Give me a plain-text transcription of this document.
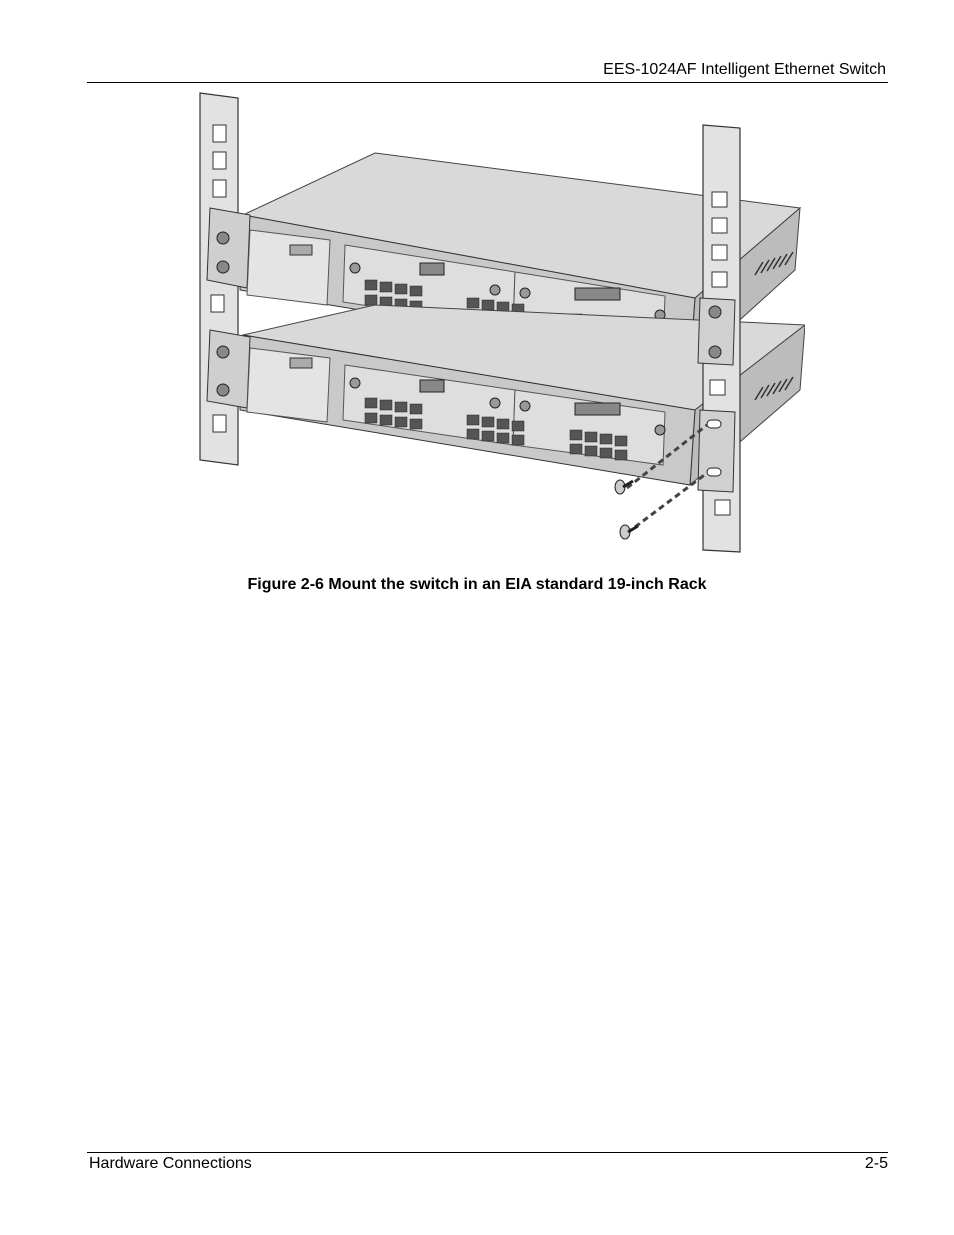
EES-1024AF Intelligent Ethernet Switch
Figure 2-6 Mount the switch in an EIA standard 19-inch Rack
Hardware Connections	2-5
